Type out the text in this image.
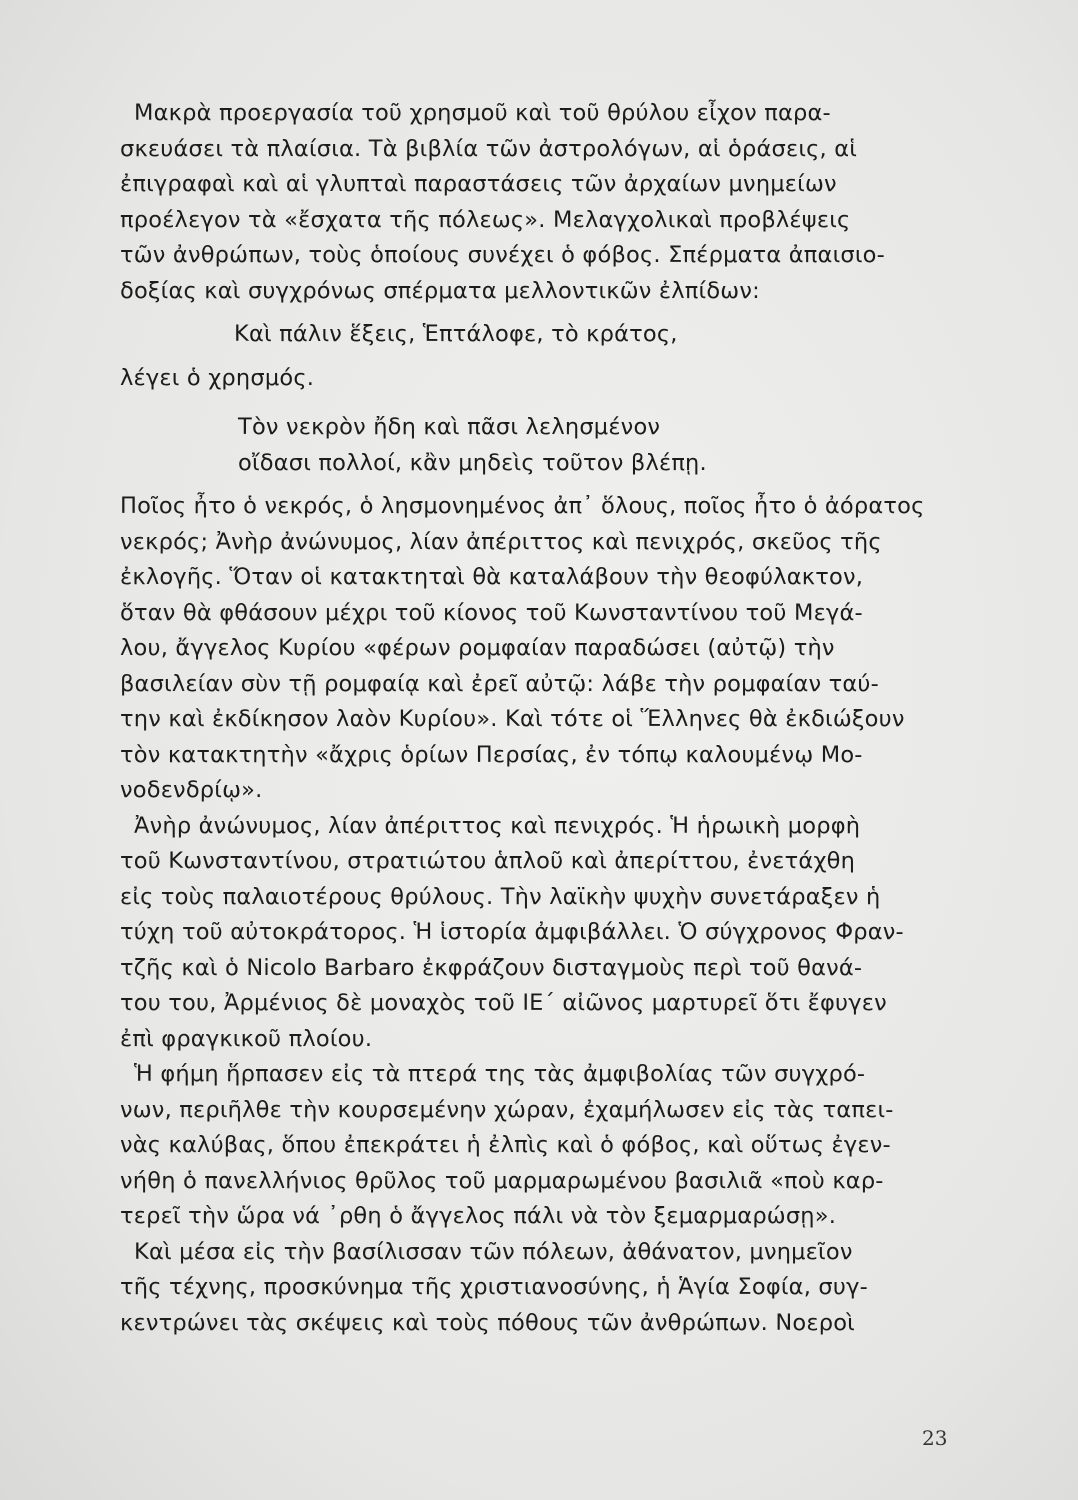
Μακρὰ προεργασία τοῦ χρησμοῦ καὶ τοῦ θρύλου εἶχον παρα-
σκευάσει τὰ πλαίσια. Τὰ βιβλία τῶν ἀστρολόγων, αἱ ὁράσεις, αἱ
ἐπιγραφαὶ καὶ αἱ γλυπταὶ παραστάσεις τῶν ἀρχαίων μνημείων
προέλεγον τὰ «ἔσχατα τῆς πόλεως». Μελαγχολικαὶ προβλέψεις
τῶν ἀνθρώπων, τοὺς ὁποίους συνέχει ὁ φόβος. Σπέρματα ἀπαισιο-
δοξίας καὶ συγχρόνως σπέρματα μελλοντικῶν ἐλπίδων:
Καὶ πάλιν ἕξεις, Ἑπτάλοφε, τὸ κράτος,
λέγει ὁ χρησμός.
Τὸν νεκρὸν ἤδη καὶ πᾶσι λελησμένον
οἴδασι πολλοί, κἂν μηδεὶς τοῦτον βλέπῃ.
Ποῖος ἦτο ὁ νεκρός, ὁ λησμονημένος ἀπ᾽ ὅλους, ποῖος ἦτο ὁ ἀόρατος
νεκρός; Ἀνὴρ ἀνώνυμος, λίαν ἀπέριττος καὶ πενιχρός, σκεῦος τῆς
ἐκλογῆς. Ὅταν οἱ κατακτηταὶ θὰ καταλάβουν τὴν θεοφύλακτον,
ὅταν θὰ φθάσουν μέχρι τοῦ κίονος τοῦ Κωνσταντίνου τοῦ Μεγά-
λου, ἄγγελος Κυρίου «φέρων ρομφαίαν παραδώσει (αὐτῷ) τὴν
βασιλείαν σὺν τῇ ρομφαίᾳ καὶ ἐρεῖ αὐτῷ: λάβε τὴν ρομφαίαν ταύ-
την καὶ ἐκδίκησον λαὸν Κυρίου». Καὶ τότε οἱ Ἕλληνες θὰ ἐκδιώξουν
τὸν κατακτητὴν «ἄχρις ὁρίων Περσίας, ἐν τόπῳ καλουμένῳ Μο-
νοδενδρίῳ».
Ἀνὴρ ἀνώνυμος, λίαν ἀπέριττος καὶ πενιχρός. Ἡ ἡρωικὴ μορφὴ
τοῦ Κωνσταντίνου, στρατιώτου ἁπλοῦ καὶ ἀπερίττου, ἐνετάχθη
εἰς τοὺς παλαιοτέρους θρύλους. Τὴν λαϊκὴν ψυχὴν συνετάραξεν ἡ
τύχη τοῦ αὐτοκράτορος. Ἡ ἱστορία ἀμφιβάλλει. Ὁ σύγχρονος Φραν-
τζῆς καὶ ὁ Nicolo Barbaro ἐκφράζουν δισταγμοὺς περὶ τοῦ θανά-
του του, Ἀρμένιος δὲ μοναχὸς τοῦ ΙΕ´ αἰῶνος μαρτυρεῖ ὅτι ἔφυγεν
ἐπὶ φραγκικοῦ πλοίου.
Ἡ φήμη ἥρπασεν εἰς τὰ πτερά της τὰς ἀμφιβολίας τῶν συγχρό-
νων, περιῆλθε τὴν κουρσεμένην χώραν, ἐχαμήλωσεν εἰς τὰς ταπει-
νὰς καλύβας, ὅπου ἐπεκράτει ἡ ἐλπὶς καὶ ὁ φόβος, καὶ οὕτως ἐγεν-
νήθη ὁ πανελλήνιος θρῦλος τοῦ μαρμαρωμένου βασιλιᾶ «ποὺ καρ-
τερεῖ τὴν ὥρα νά ᾽ρθη ὁ ἄγγελος πάλι νὰ τὸν ξεμαρμαρώσῃ».
Καὶ μέσα εἰς τὴν βασίλισσαν τῶν πόλεων, ἀθάνατον, μνημεῖον
τῆς τέχνης, προσκύνημα τῆς χριστιανοσύνης, ἡ Ἁγία Σοφία, συγ-
κεντρώνει τὰς σκέψεις καὶ τοὺς πόθους τῶν ἀνθρώπων. Νοεροὶ
23
